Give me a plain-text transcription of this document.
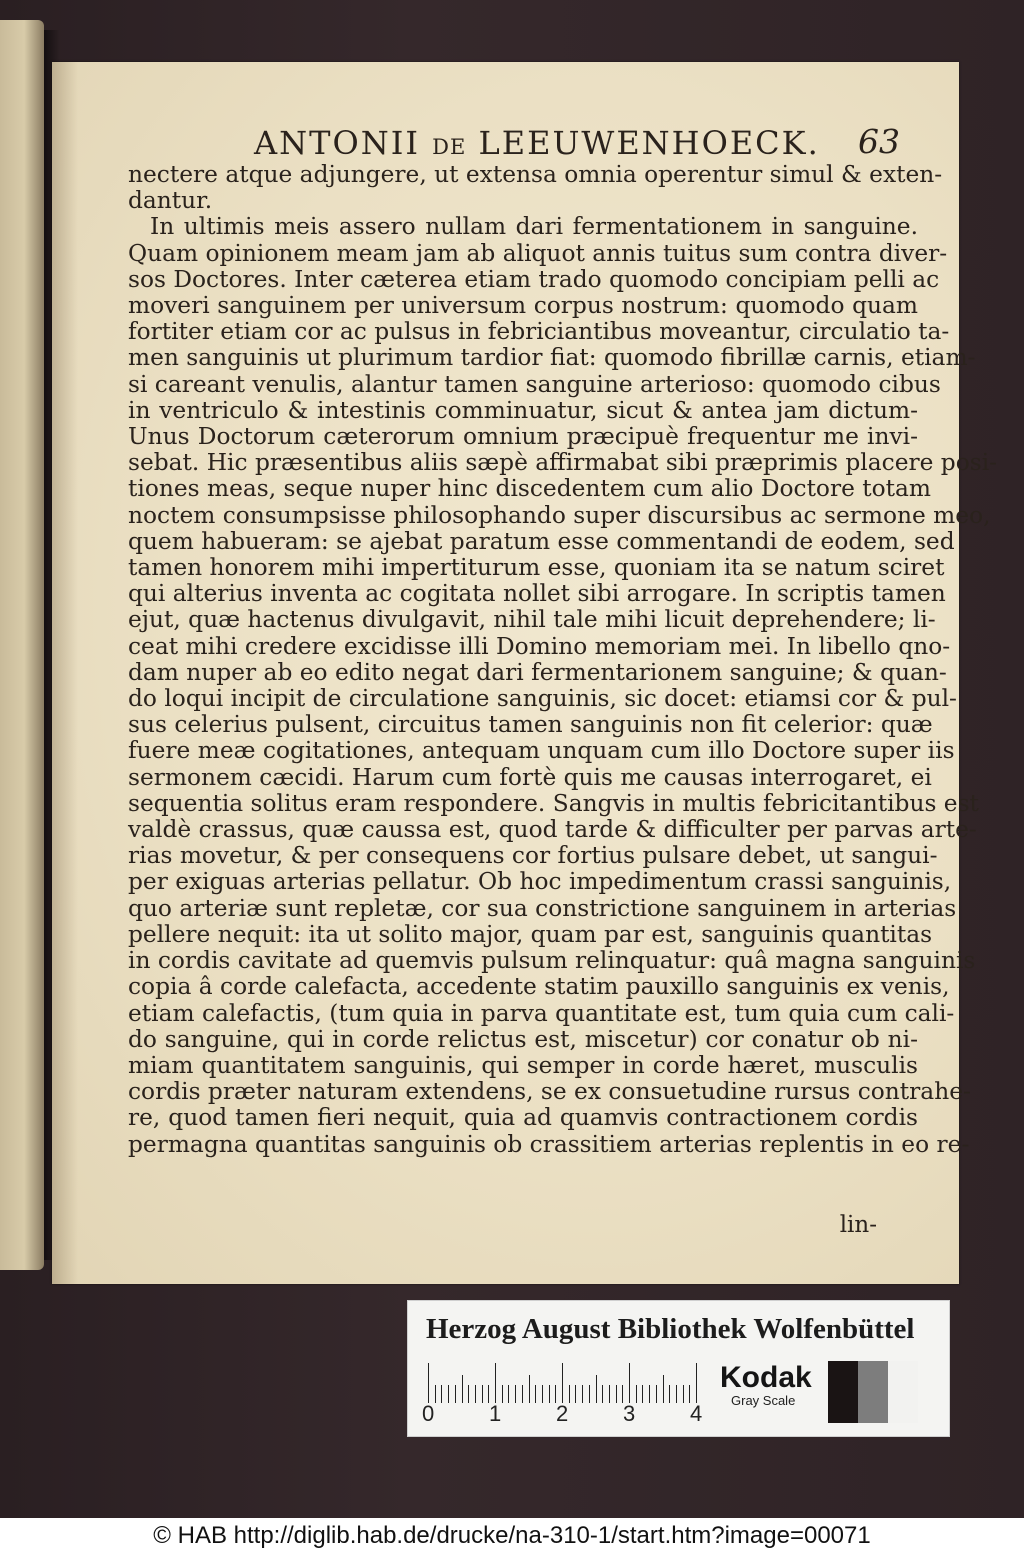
ANTONII DE LEEUWENHOECK. 63
nectere atque adjungere, ut extensa omnia operentur simul & exten-
dantur.
In ultimis meis assero nullam dari fermentationem in sanguine.
Quam opinionem meam jam ab aliquot annis tuitus sum contra diver-
sos Doctores. Inter cæterea etiam trado quomodo concipiam pelli ac
moveri sanguinem per universum corpus nostrum: quomodo quam
fortiter etiam cor ac pulsus in febriciantibus moveantur, circulatio ta-
men sanguinis ut plurimum tardior fiat: quomodo fibrillæ carnis, etiam-
si careant venulis, alantur tamen sanguine arterioso: quomodo cibus
in ventriculo & intestinis comminuatur, sicut & antea jam dictum-
Unus Doctorum cæterorum omnium præcipuè frequentur me invi-
sebat. Hic præsentibus aliis sæpè affirmabat sibi præprimis placere posi-
tiones meas, seque nuper hinc discedentem cum alio Doctore totam
noctem consumpsisse philosophando super discursibus ac sermone meo,
quem habueram: se ajebat paratum esse commentandi de eodem, sed
tamen honorem mihi impertiturum esse, quoniam ita se natum sciret
qui alterius inventa ac cogitata nollet sibi arrogare. In scriptis tamen
ejut, quæ hactenus divulgavit, nihil tale mihi licuit deprehendere; li-
ceat mihi credere excidisse illi Domino memoriam mei. In libello qno-
dam nuper ab eo edito negat dari fermentarionem sanguine; & quan-
do loqui incipit de circulatione sanguinis, sic docet: etiamsi cor & pul-
sus celerius pulsent, circuitus tamen sanguinis non fit celerior: quæ
fuere meæ cogitationes, antequam unquam cum illo Doctore super iis
sermonem cæcidi. Harum cum fortè quis me causas interrogaret, ei
sequentia solitus eram respondere. Sangvis in multis febricitantibus est
valdè crassus, quæ caussa est, quod tarde & difficulter per parvas arte-
rias movetur, & per consequens cor fortius pulsare debet, ut sangui-
per exiguas arterias pellatur. Ob hoc impedimentum crassi sanguinis,
quo arteriæ sunt repletæ, cor sua constrictione sanguinem in arterias
pellere nequit: ita ut solito major, quam par est, sanguinis quantitas
in cordis cavitate ad quemvis pulsum relinquatur: quâ magna sanguinis
copia â corde calefacta, accedente statim pauxillo sanguinis ex venis,
etiam calefactis, (tum quia in parva quantitate est, tum quia cum cali-
do sanguine, qui in corde relictus est, miscetur) cor conatur ob ni-
miam quantitatem sanguinis, qui semper in corde hæret, musculis
cordis præter naturam extendens, se ex consuetudine rursus contrahe-
re, quod tamen fieri nequit, quia ad quamvis contractionem cordis
permagna quantitas sanguinis ob crassitiem arterias replentis in eo re-
lin-
Herzog August Bibliothek Wolfenbüttel
Kodak
Gray Scale
0 1 2 3 4
© HAB http://diglib.hab.de/drucke/na-310-1/start.htm?image=00071
